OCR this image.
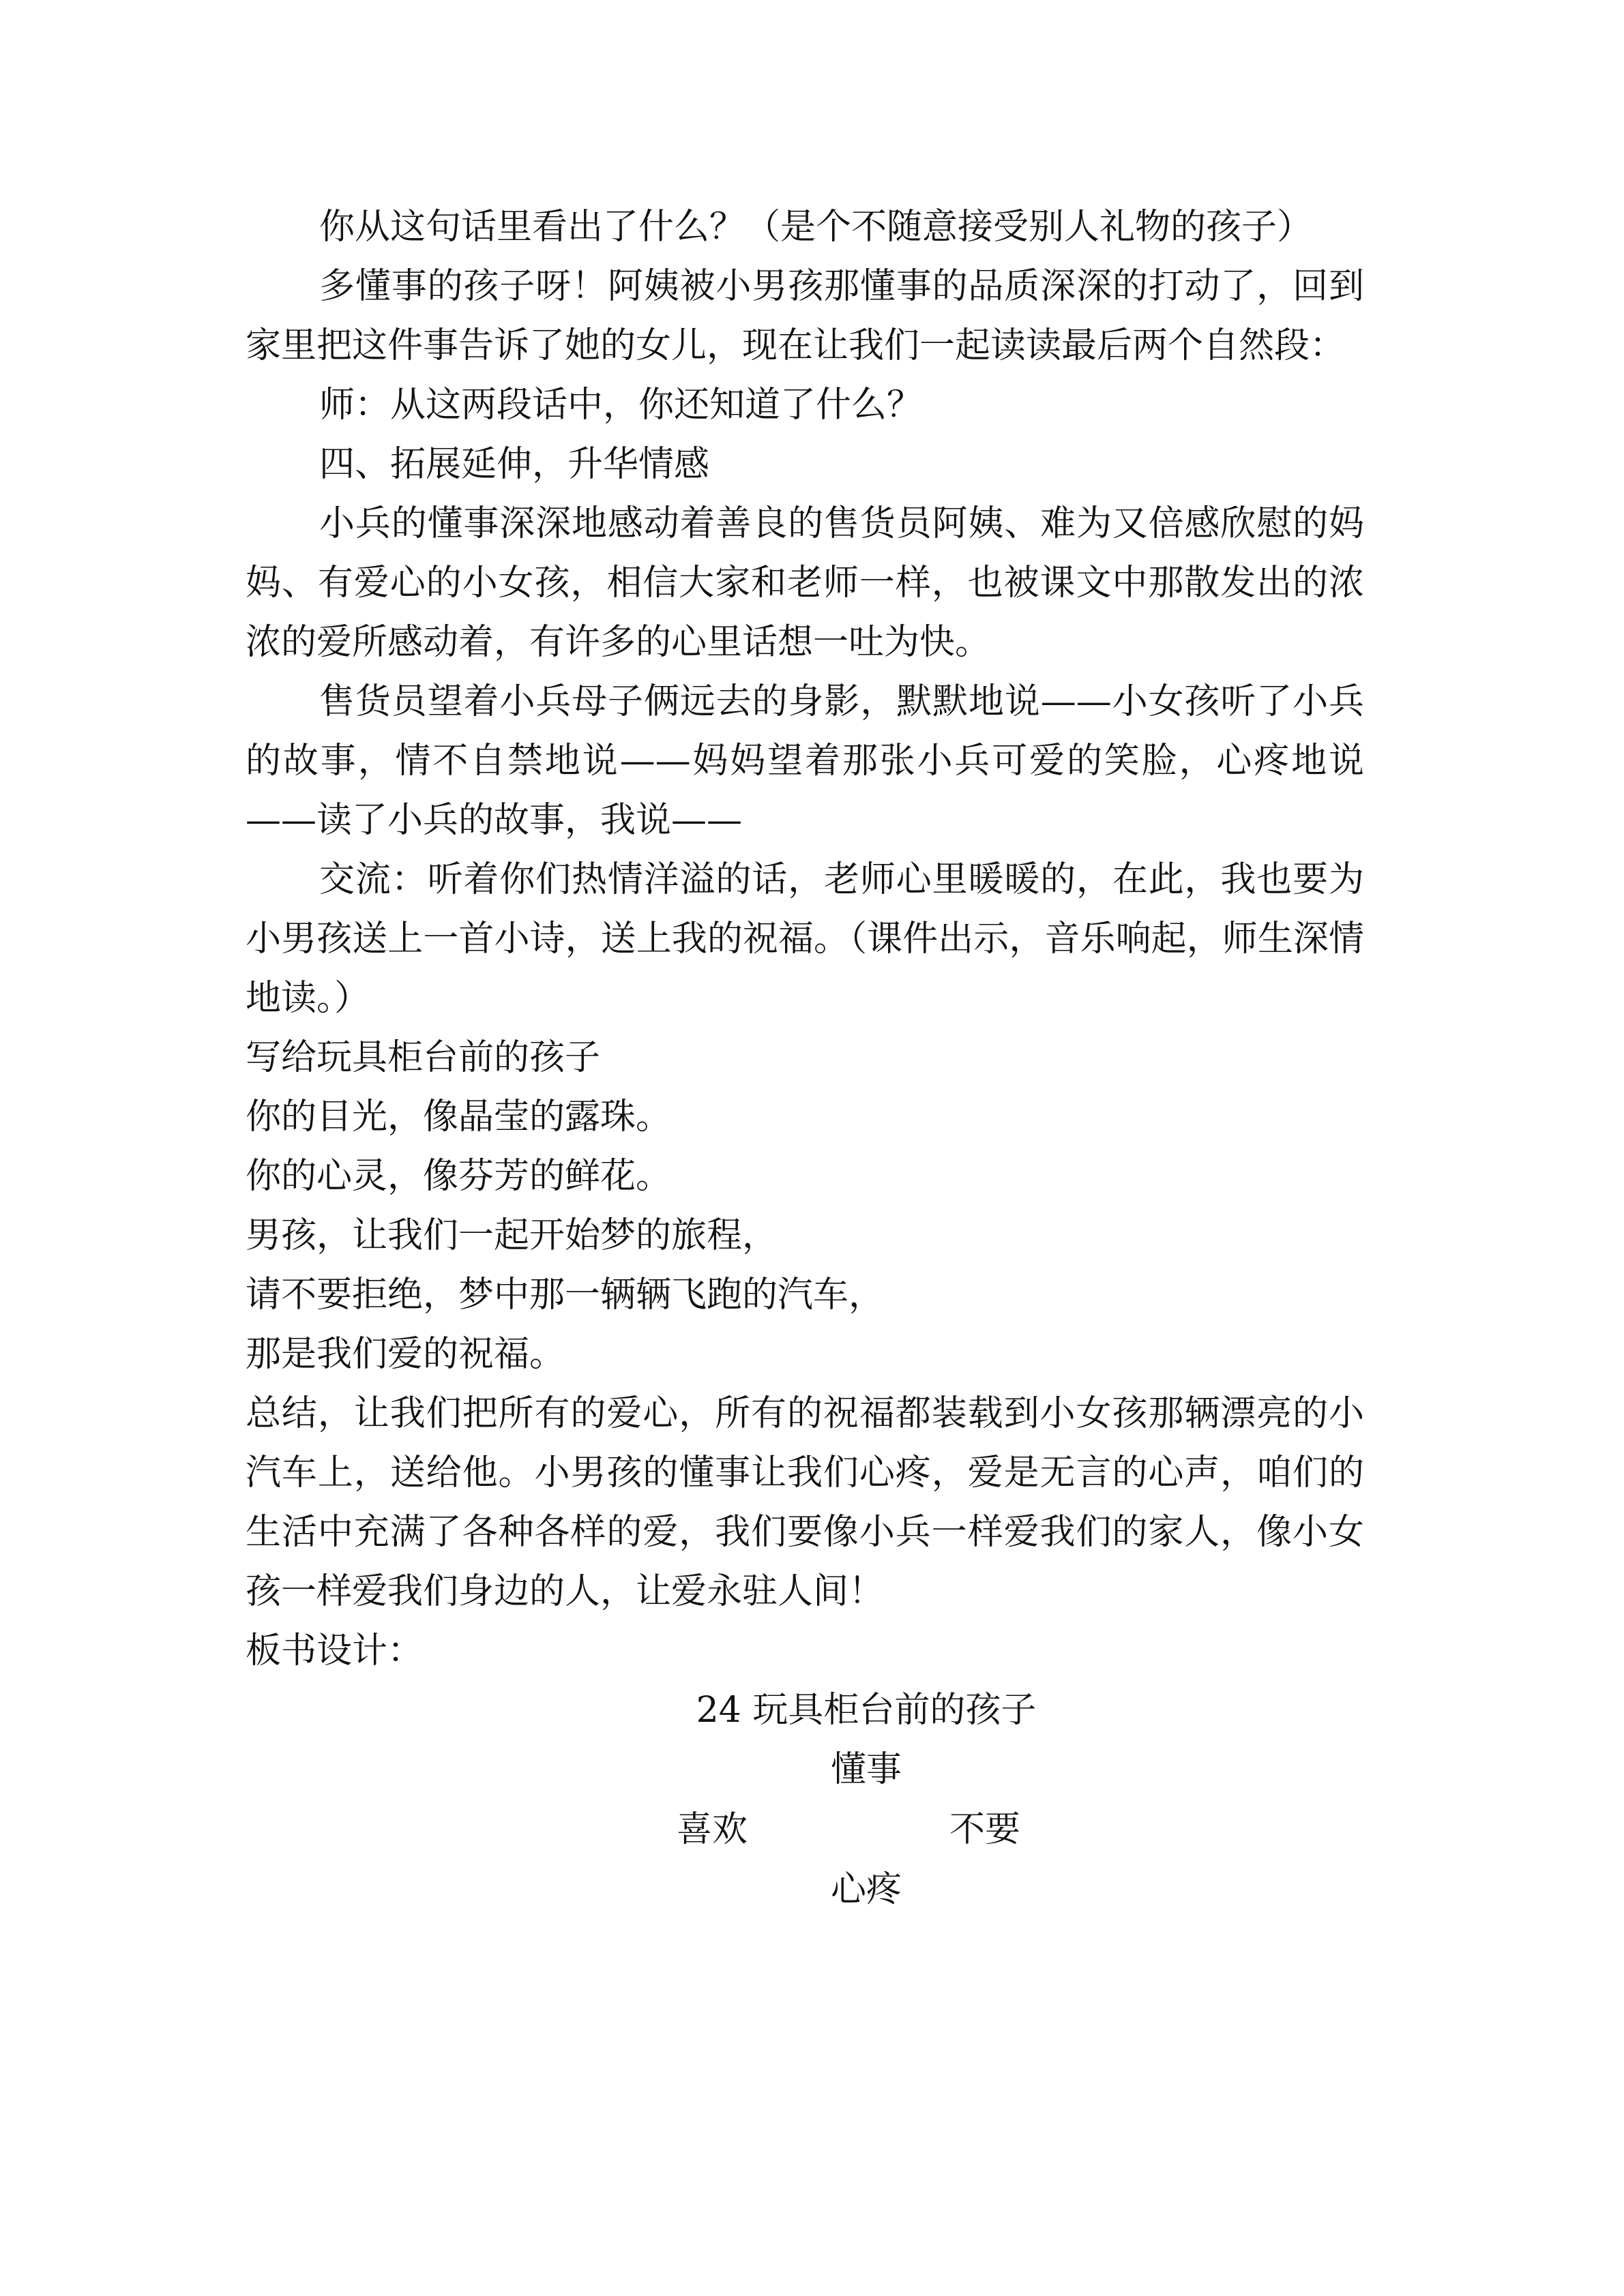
你从这句话里看出了什么？（是个不随意接受别人礼物的孩子）

多懂事的孩子呀！阿姨被小男孩那懂事的品质深深的打动了，回到家里把这件事告诉了她的女儿，现在让我们一起读读最后两个自然段：

师：从这两段话中，你还知道了什么？

四、拓展延伸，升华情感

小兵的懂事深深地感动着善良的售货员阿姨、难为又倍感欣慰的妈妈、有爱心的小女孩，相信大家和老师一样，也被课文中那散发出的浓浓的爱所感动着，有许多的心里话想一吐为快。

售货员望着小兵母子俩远去的身影，默默地说——小女孩听了小兵的故事，情不自禁地说——妈妈望着那张小兵可爱的笑脸，心疼地说——读了小兵的故事，我说——

交流：听着你们热情洋溢的话，老师心里暖暖的，在此，我也要为小男孩送上一首小诗，送上我的祝福。（课件出示，音乐响起，师生深情地读。）

写给玩具柜台前的孩子

你的目光，像晶莹的露珠。

你的心灵，像芬芳的鲜花。

男孩，让我们一起开始梦的旅程，

请不要拒绝，梦中那一辆辆飞跑的汽车，

那是我们爱的祝福。

总结，让我们把所有的爱心，所有的祝福都装载到小女孩那辆漂亮的小汽车上，送给他。小男孩的懂事让我们心疼，爱是无言的心声，咱们的生活中充满了各种各样的爱，我们要像小兵一样爱我们的家人，像小女孩一样爱我们身边的人，让爱永驻人间！

板书设计：

24 玩具柜台前的孩子
懂事
喜欢	不要
心疼
